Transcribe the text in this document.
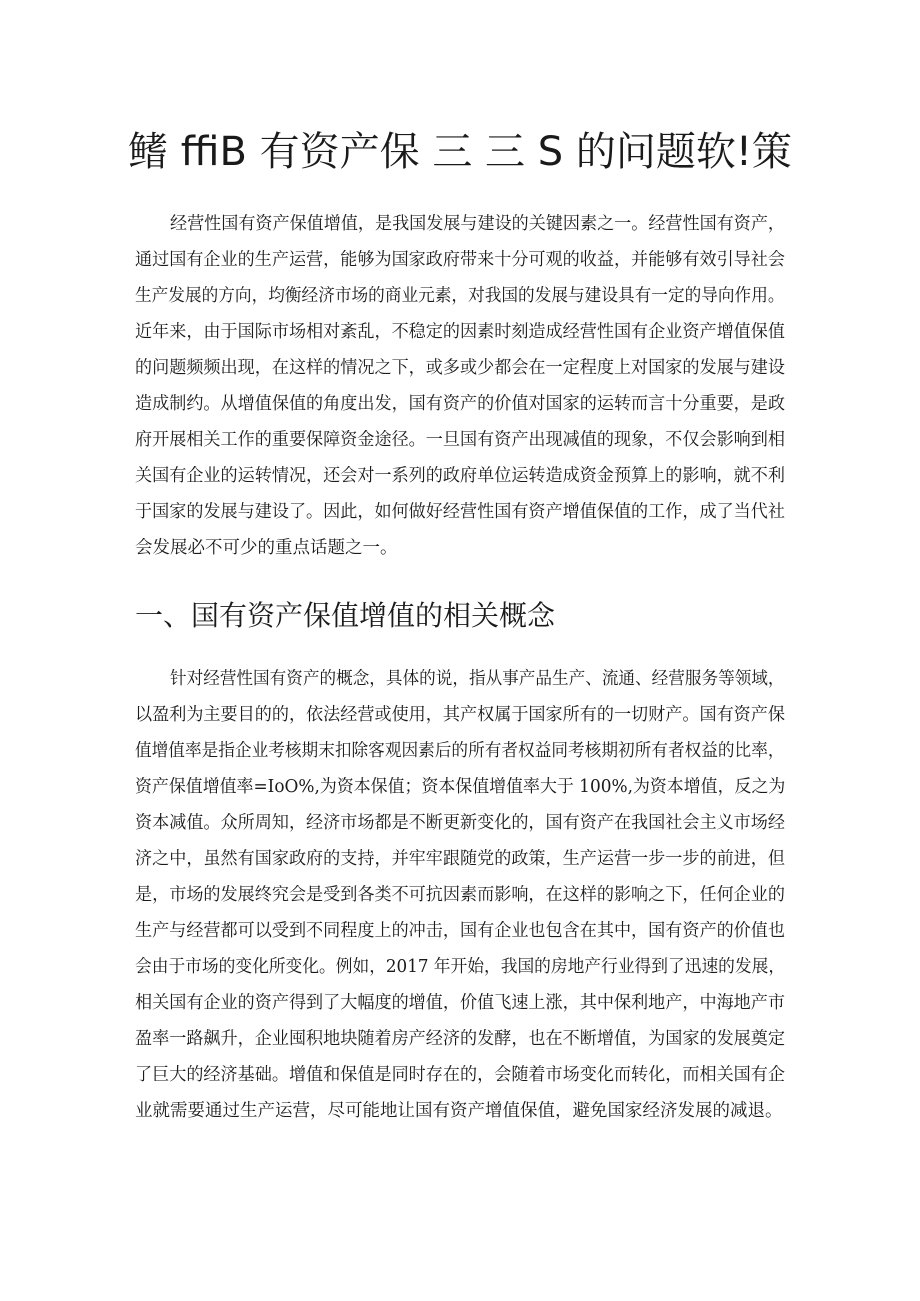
鳍 ffiB 有资产保 三 三 S 的问题软!策
经营性国有资产保值增值，是我国发展与建设的关键因素之一。经营性国有资产，
通过国有企业的生产运营，能够为国家政府带来十分可观的收益，并能够有效引导社会
生产发展的方向，均衡经济市场的商业元素，对我国的发展与建设具有一定的导向作用。
近年来，由于国际市场相对紊乱，不稳定的因素时刻造成经营性国有企业资产增值保值
的问题频频出现，在这样的情况之下，或多或少都会在一定程度上对国家的发展与建设
造成制约。从增值保值的角度出发，国有资产的价值对国家的运转而言十分重要，是政
府开展相关工作的重要保障资金途径。一旦国有资产出现减值的现象，不仅会影响到相
关国有企业的运转情况，还会对一系列的政府单位运转造成资金预算上的影响，就不利
于国家的发展与建设了。因此，如何做好经营性国有资产增值保值的工作，成了当代社
会发展必不可少的重点话题之一。
一、国有资产保值增值的相关概念
针对经营性国有资产的概念，具体的说，指从事产品生产、流通、经营服务等领域，
以盈利为主要目的的，依法经营或使用，其产权属于国家所有的一切财产。国有资产保
值增值率是指企业考核期末扣除客观因素后的所有者权益同考核期初所有者权益的比率，
资产保值增值率=IoO%,为资本保值；资本保值增值率大于 100%,为资本增值，反之为
资本减值。众所周知，经济市场都是不断更新变化的，国有资产在我国社会主义市场经
济之中，虽然有国家政府的支持，并牢牢跟随党的政策，生产运营一步一步的前进，但
是，市场的发展终究会是受到各类不可抗因素而影响，在这样的影响之下，任何企业的
生产与经营都可以受到不同程度上的冲击，国有企业也包含在其中，国有资产的价值也
会由于市场的变化所变化。例如，2017 年开始，我国的房地产行业得到了迅速的发展，
相关国有企业的资产得到了大幅度的增值，价值飞速上涨，其中保利地产，中海地产市
盈率一路飙升，企业囤积地块随着房产经济的发酵，也在不断增值，为国家的发展奠定
了巨大的经济基础。增值和保值是同时存在的，会随着市场变化而转化，而相关国有企
业就需要通过生产运营，尽可能地让国有资产增值保值，避免国家经济发展的减退。
